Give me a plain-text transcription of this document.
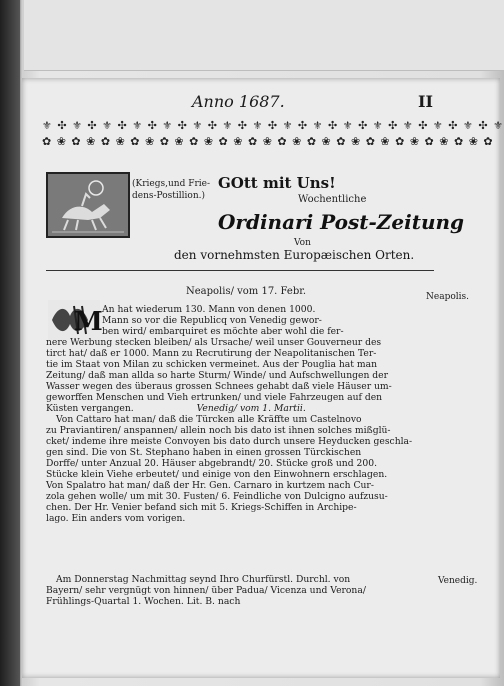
Anno 1687.	II
⚜ ✣ ⚜ ✣ ⚜ ✣ ⚜ ✣ ⚜ ✣ ⚜ ✣ ⚜ ✣ ⚜ ✣ ⚜ ✣ ⚜ ✣ ⚜ ✣ ⚜ ✣ ⚜ ✣ ⚜ ✣ ⚜ ✣ ⚜
✿ ❀ ✿ ❀ ✿ ❀ ✿ ❀ ✿ ❀ ✿ ❀ ✿ ❀ ✿ ❀ ✿ ❀ ✿ ❀ ✿ ❀ ✿ ❀ ✿ ❀ ✿ ❀ ✿ ❀ ✿
(Kriegs,und Frie-dens-Postillion.)
GOtt mit Uns!
Wochentliche
Ordinari Post-Zeitung
Von
den vornehmsten Europæischen Orten.
Neapolis/ vom 17. Febr.	Neapolis.
Venedig.
M An hat wiederum 130. Mann von denen 1000.
Mann so vor die Republicq von Venedig gewor-
ben wird/ embarquiret es möchte aber wohl die fer-
nere Werbung stecken bleiben/ als Ursache/ weil unser Gouverneur des
tirct hat/ daß er 1000. Mann zu Recrutirung der Neapolitanischen Ter-
tie im Staat von Milan zu schicken vermeinet. Aus der Pouglia hat man
Zeitung/ daß man allda so harte Sturm/ Winde/ und Aufschwellungen der
Wasser wegen des überaus grossen Schnees gehabt daß viele Häuser um-
geworffen Menschen und Vieh ertrunken/ und viele Fahrzeugen auf den
Küsten vergangen.	Venedig/ vom 1. Martii.
Von Cattaro hat man/ daß die Türcken alle Kräffte um Castelnovo
zu Praviantiren/ anspannen/ allein noch bis dato ist ihnen solches mißglü-
cket/ indeme ihre meiste Convoyen bis dato durch unsere Heyducken geschla-
gen sind. Die von St. Stephano haben in einen grossen Türckischen
Dorffe/ unter Anzual 20. Häuser abgebrandt/ 20. Stücke groß und 200.
Stücke klein Viehe erbeutet/ und einige von den Einwohnern erschlagen.
Von Spalatro hat man/ daß der Hr. Gen. Carnaro in kurtzem nach Cur-
zola gehen wolle/ um mit 30. Fusten/ 6. Feindliche von Dulcigno aufzusu-
chen. Der Hr. Venier befand sich mit 5. Kriegs-Schiffen in Archipe-
lago. Ein anders vom vorigen.
Am Donnerstag Nachmittag seynd Ihro Churfürstl. Durchl. von
Bayern/ sehr vergnügt von hinnen/ über Padua/ Vicenza und Verona/
Frühlings-Quartal 1. Wochen. Lit. B. nach
